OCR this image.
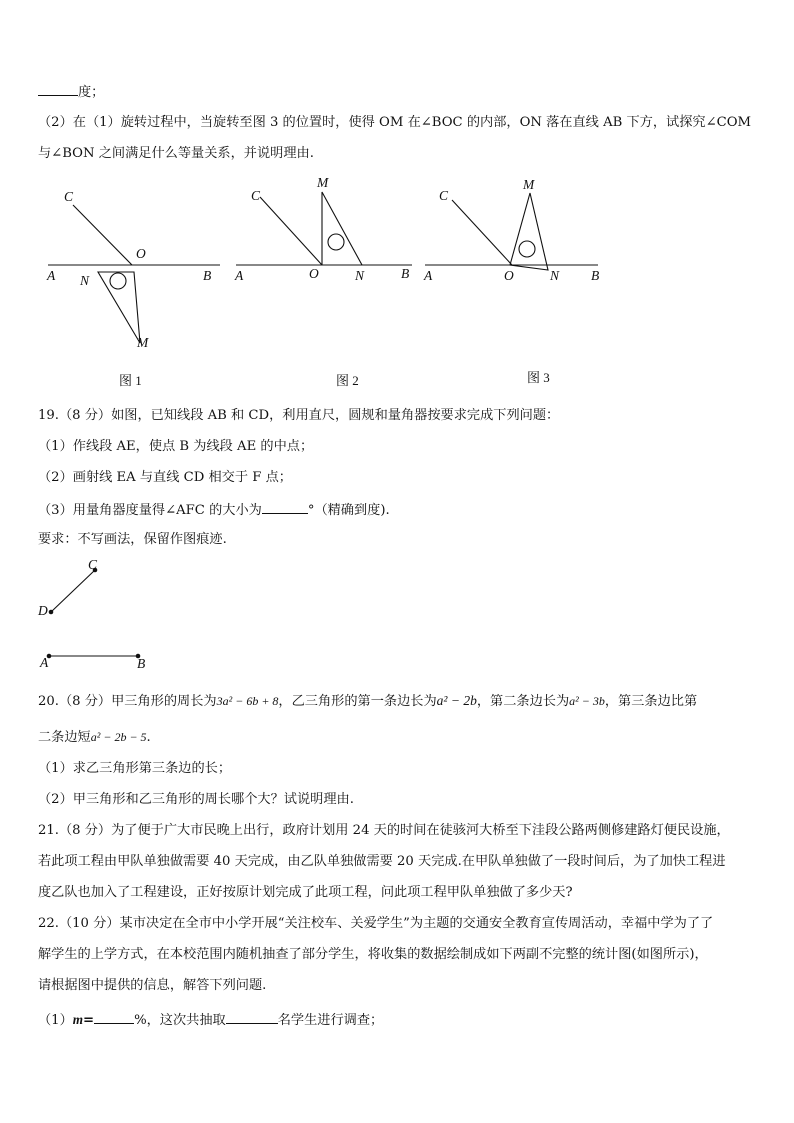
度；
（2）在（1）旋转过程中，当旋转至图 3 的位置时，使得 OM 在∠BOC 的内部，ON 落在直线 AB 下方，试探究∠COM
与∠BON 之间满足什么等量关系，并说明理由.
C
O
A N	B
M
图 1
M
C
A	O	N	B
图 2
M
C
A	O	N B
图 3
19.（8 分）如图，已知线段 AB 和 CD，利用直尺，圆规和量角器按要求完成下列问题：
（1）作线段 AE，使点 B 为线段 AE 的中点；
（2）画射线 EA 与直线 CD 相交于 F 点；
（3）用量角器度量得∠AFC 的大小为	°（精确到度).
要求：不写画法，保留作图痕迹.
C
D
A	B
20.（8 分）甲三角形的周长为3a² − 6b + 8，乙三角形的第一条边长为a² − 2b，第二条边长为a² − 3b，第三条边比第
二条边短a² − 2b − 5.
（1）求乙三角形第三条边的长；
（2）甲三角形和乙三角形的周长哪个大？试说明理由.
21.（8 分）为了便于广大市民晚上出行，政府计划用 24 天的时间在徒骇河大桥至下洼段公路两侧修建路灯便民设施，
若此项工程由甲队单独做需要 40 天完成，由乙队单独做需要 20 天完成.在甲队单独做了一段时间后，为了加快工程进
度乙队也加入了工程建设，正好按原计划完成了此项工程，问此项工程甲队单独做了多少天?
22.（10 分）某市决定在全市中小学开展“关注校车、关爱学生”为主题的交通安全教育宣传周活动，幸福中学为了了
解学生的上学方式，在本校范围内随机抽查了部分学生，将收集的数据绘制成如下两副不完整的统计图(如图所示)，
请根据图中提供的信息，解答下列问题.
（1）m=	%，这次共抽取	名学生进行调查；
